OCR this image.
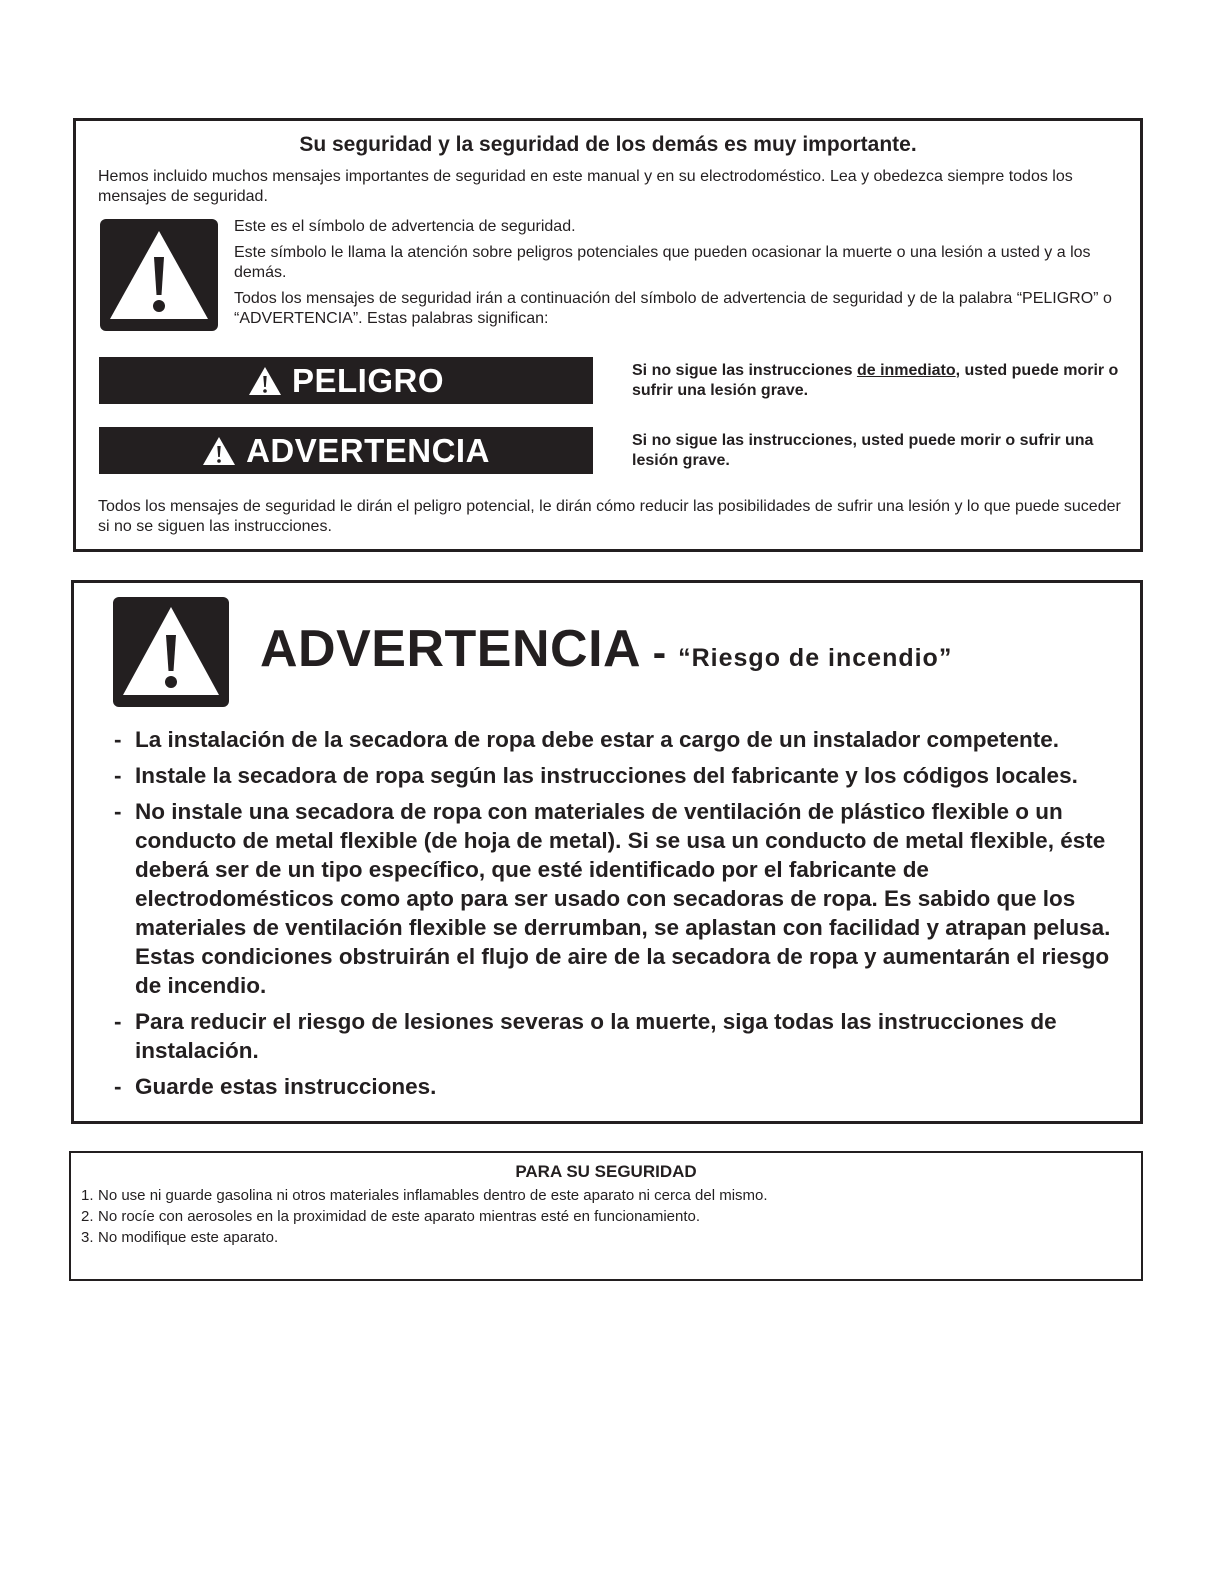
Su seguridad y la seguridad de los demás es muy importante.
Hemos incluido muchos mensajes importantes de seguridad en este manual y en su electrodoméstico. Lea y obedezca siempre todos los mensajes de seguridad.

Este es el símbolo de advertencia de seguridad.

Este símbolo le llama la atención sobre peligros potenciales que pueden ocasionar la muerte o una lesión a usted y a los demás.

Todos los mensajes de seguridad irán a continuación del símbolo de advertencia de seguridad y de la palabra “PELIGRO” o “ADVERTENCIA”. Estas palabras significan:

PELIGRO	Si no sigue las instrucciones de inmediato, usted puede morir o sufrir una lesión grave.
ADVERTENCIA	Si no sigue las instrucciones, usted puede morir o sufrir una lesión grave.
Todos los mensajes de seguridad le dirán el peligro potencial, le dirán cómo reducir las posibilidades de sufrir una lesión y lo que puede suceder si no se siguen las instrucciones.
ADVERTENCIA - “Riesgo de incendio”
- La instalación de la secadora de ropa debe estar a cargo de un instalador competente.
- Instale la secadora de ropa según las instrucciones del fabricante y los códigos locales.
- No instale una secadora de ropa con materiales de ventilación de plástico flexible o un conducto de metal flexible (de hoja de metal). Si se usa un conducto de metal flexible, éste deberá ser de un tipo específico, que esté identificado por el fabricante de electrodomésticos como apto para ser usado con secadoras de ropa. Es sabido que los materiales de ventilación flexible se derrumban, se aplastan con facilidad y atrapan pelusa. Estas condiciones obstruirán el flujo de aire de la secadora de ropa y aumentarán el riesgo de incendio.
- Para reducir el riesgo de lesiones severas o la muerte, siga todas las instrucciones de instalación.
- Guarde estas instrucciones.
PARA SU SEGURIDAD
1. No use ni guarde gasolina ni otros materiales inflamables dentro de este aparato ni cerca del mismo.
2. No rocíe con aerosoles en la proximidad de este aparato mientras esté en funcionamiento.
3. No modifique este aparato.
